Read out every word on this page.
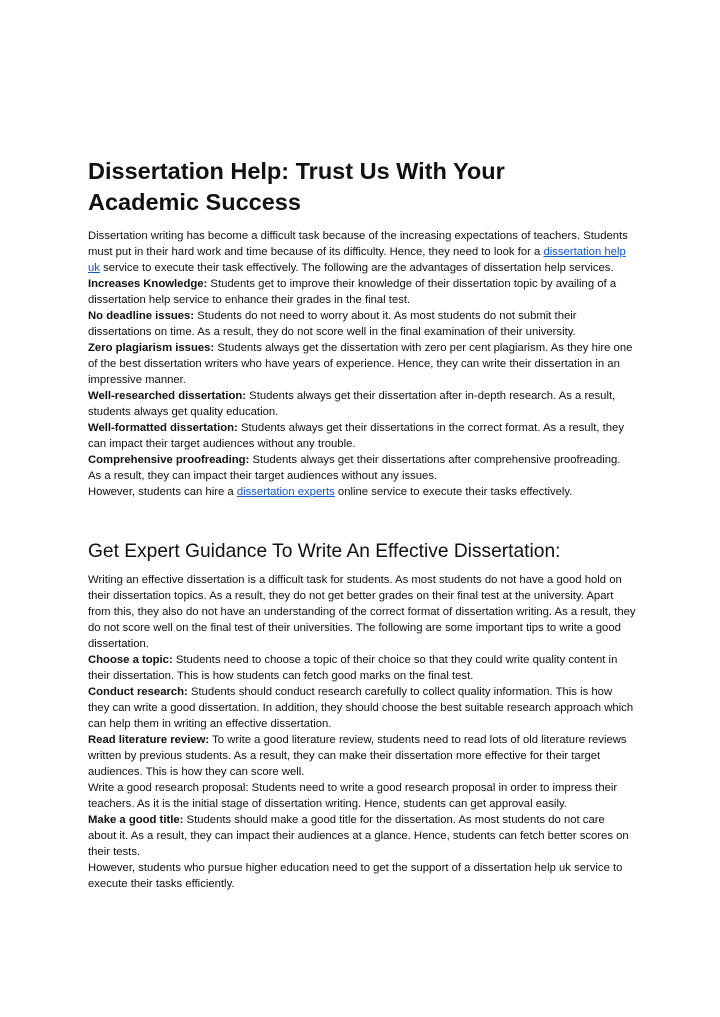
Dissertation Help: Trust Us With Your
Academic Success

Dissertation writing has become a difficult task because of the increasing expectations of teachers. Students must put in their hard work and time because of its difficulty. Hence, they need to look for a dissertation help uk service to execute their task effectively. The following are the advantages of dissertation help services.

Increases Knowledge: Students get to improve their knowledge of their dissertation topic by availing of a dissertation help service to enhance their grades in the final test.

No deadline issues: Students do not need to worry about it. As most students do not submit their dissertations on time. As a result, they do not score well in the final examination of their university.

Zero plagiarism issues: Students always get the dissertation with zero per cent plagiarism. As they hire one of the best dissertation writers who have years of experience. Hence, they can write their dissertation in an impressive manner.

Well-researched dissertation: Students always get their dissertation after in-depth research. As a result, students always get quality education.

Well-formatted dissertation: Students always get their dissertations in the correct format. As a result, they can impact their target audiences without any trouble.

Comprehensive proofreading: Students always get their dissertations after comprehensive proofreading. As a result, they can impact their target audiences without any issues.

However, students can hire a dissertation experts online service to execute their tasks effectively.

Get Expert Guidance To Write An Effective Dissertation:

Writing an effective dissertation is a difficult task for students. As most students do not have a good hold on their dissertation topics. As a result, they do not get better grades on their final test at the university. Apart from this, they also do not have an understanding of the correct format of dissertation writing. As a result, they do not score well on the final test of their universities. The following are some important tips to write a good dissertation.

Choose a topic: Students need to choose a topic of their choice so that they could write quality content in their dissertation. This is how students can fetch good marks on the final test.

Conduct research: Students should conduct research carefully to collect quality information. This is how they can write a good dissertation. In addition, they should choose the best suitable research approach which can help them in writing an effective dissertation.

Read literature review: To write a good literature review, students need to read lots of old literature reviews written by previous students. As a result, they can make their dissertation more effective for their target audiences. This is how they can score well.

Write a good research proposal: Students need to write a good research proposal in order to impress their teachers. As it is the initial stage of dissertation writing. Hence, students can get approval easily.

Make a good title: Students should make a good title for the dissertation. As most students do not care about it. As a result, they can impact their audiences at a glance. Hence, students can fetch better scores on their tests.

However, students who pursue higher education need to get the support of a dissertation help uk service to execute their tasks efficiently.
